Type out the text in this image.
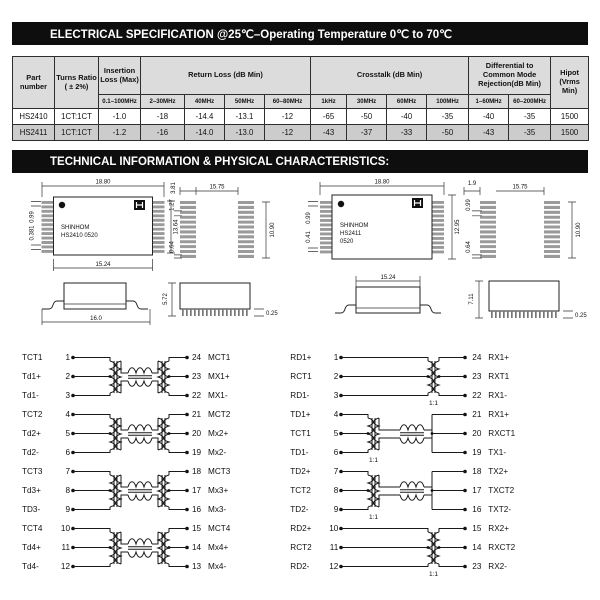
ELECTRICAL SPECIFICATION @25℃–Operating Temperature 0℃ to 70℃
Part number	Turns Ratio ( ± 2%)	Insertion Loss (Max)	Return Loss (dB Min)				Crosstalk (dB Min)				Differential to Common Mode Rejection(dB Min)		Hipot (Vrms Min)
		0.1–100MHz	2–30MHz	40MHz	50MHz	60–80MHz	1kHz	30MHz	60MHz	100MHz	1–60MHz	60–200MHz	
HS2410	1CT:1CT	-1.0	-18	-14.4	-13.1	-12	-65	-50	-40	-35	-40	-35	1500
HS2411	1CT:1CT	-1.2	-16	-14.0	-13.0	-12	-43	-37	-33	-50	-43	-35	1500
TECHNICAL INFORMATION & PHYSICAL CHARACTERISTICS:
18.80
SHINHOM
HS2410 0520
0.99
0.381	13.64
15.24
3.81	15.75
1.27
0.64
10.90
18.80
SHINHOM
HS2411
0520
0.99
0.41
12.95
1.9
15.75
0.99
0.64
10.90
16.0
5.72
0.25
15.24
7.11
0.25
TCT1	1
Td1+	2
Td1-	3
TCT2	4
Td2+	5
Td2-	6
TCT3	7
Td3+	8
TD3-	9
TCT4	10
Td4+	11
Td4-	12
24 MCT1
23 MX1+
22 MX1-
21 MCT2
20 Mx2+
19 Mx2-
18 MCT3
17 Mx3+
16 Mx3-
15 MCT4
14 Mx4+
13 Mx4-
RD1+	1
RCT1	2
RD1-	3
TD1+	4
TCT1	5
TD1-	6
TD2+	7
TCT2	8
TD2-	9
RD2+	10
RCT2	11
RD2-	12
1:1
24 RX1+
23 RXT1
22 RX1-
21 RX1+
20 RXCT1
19 TX1-
18 TX2+
17 TXCT2
16 TXT2-
15 RX2+
14 RXCT2
23 RX2-
